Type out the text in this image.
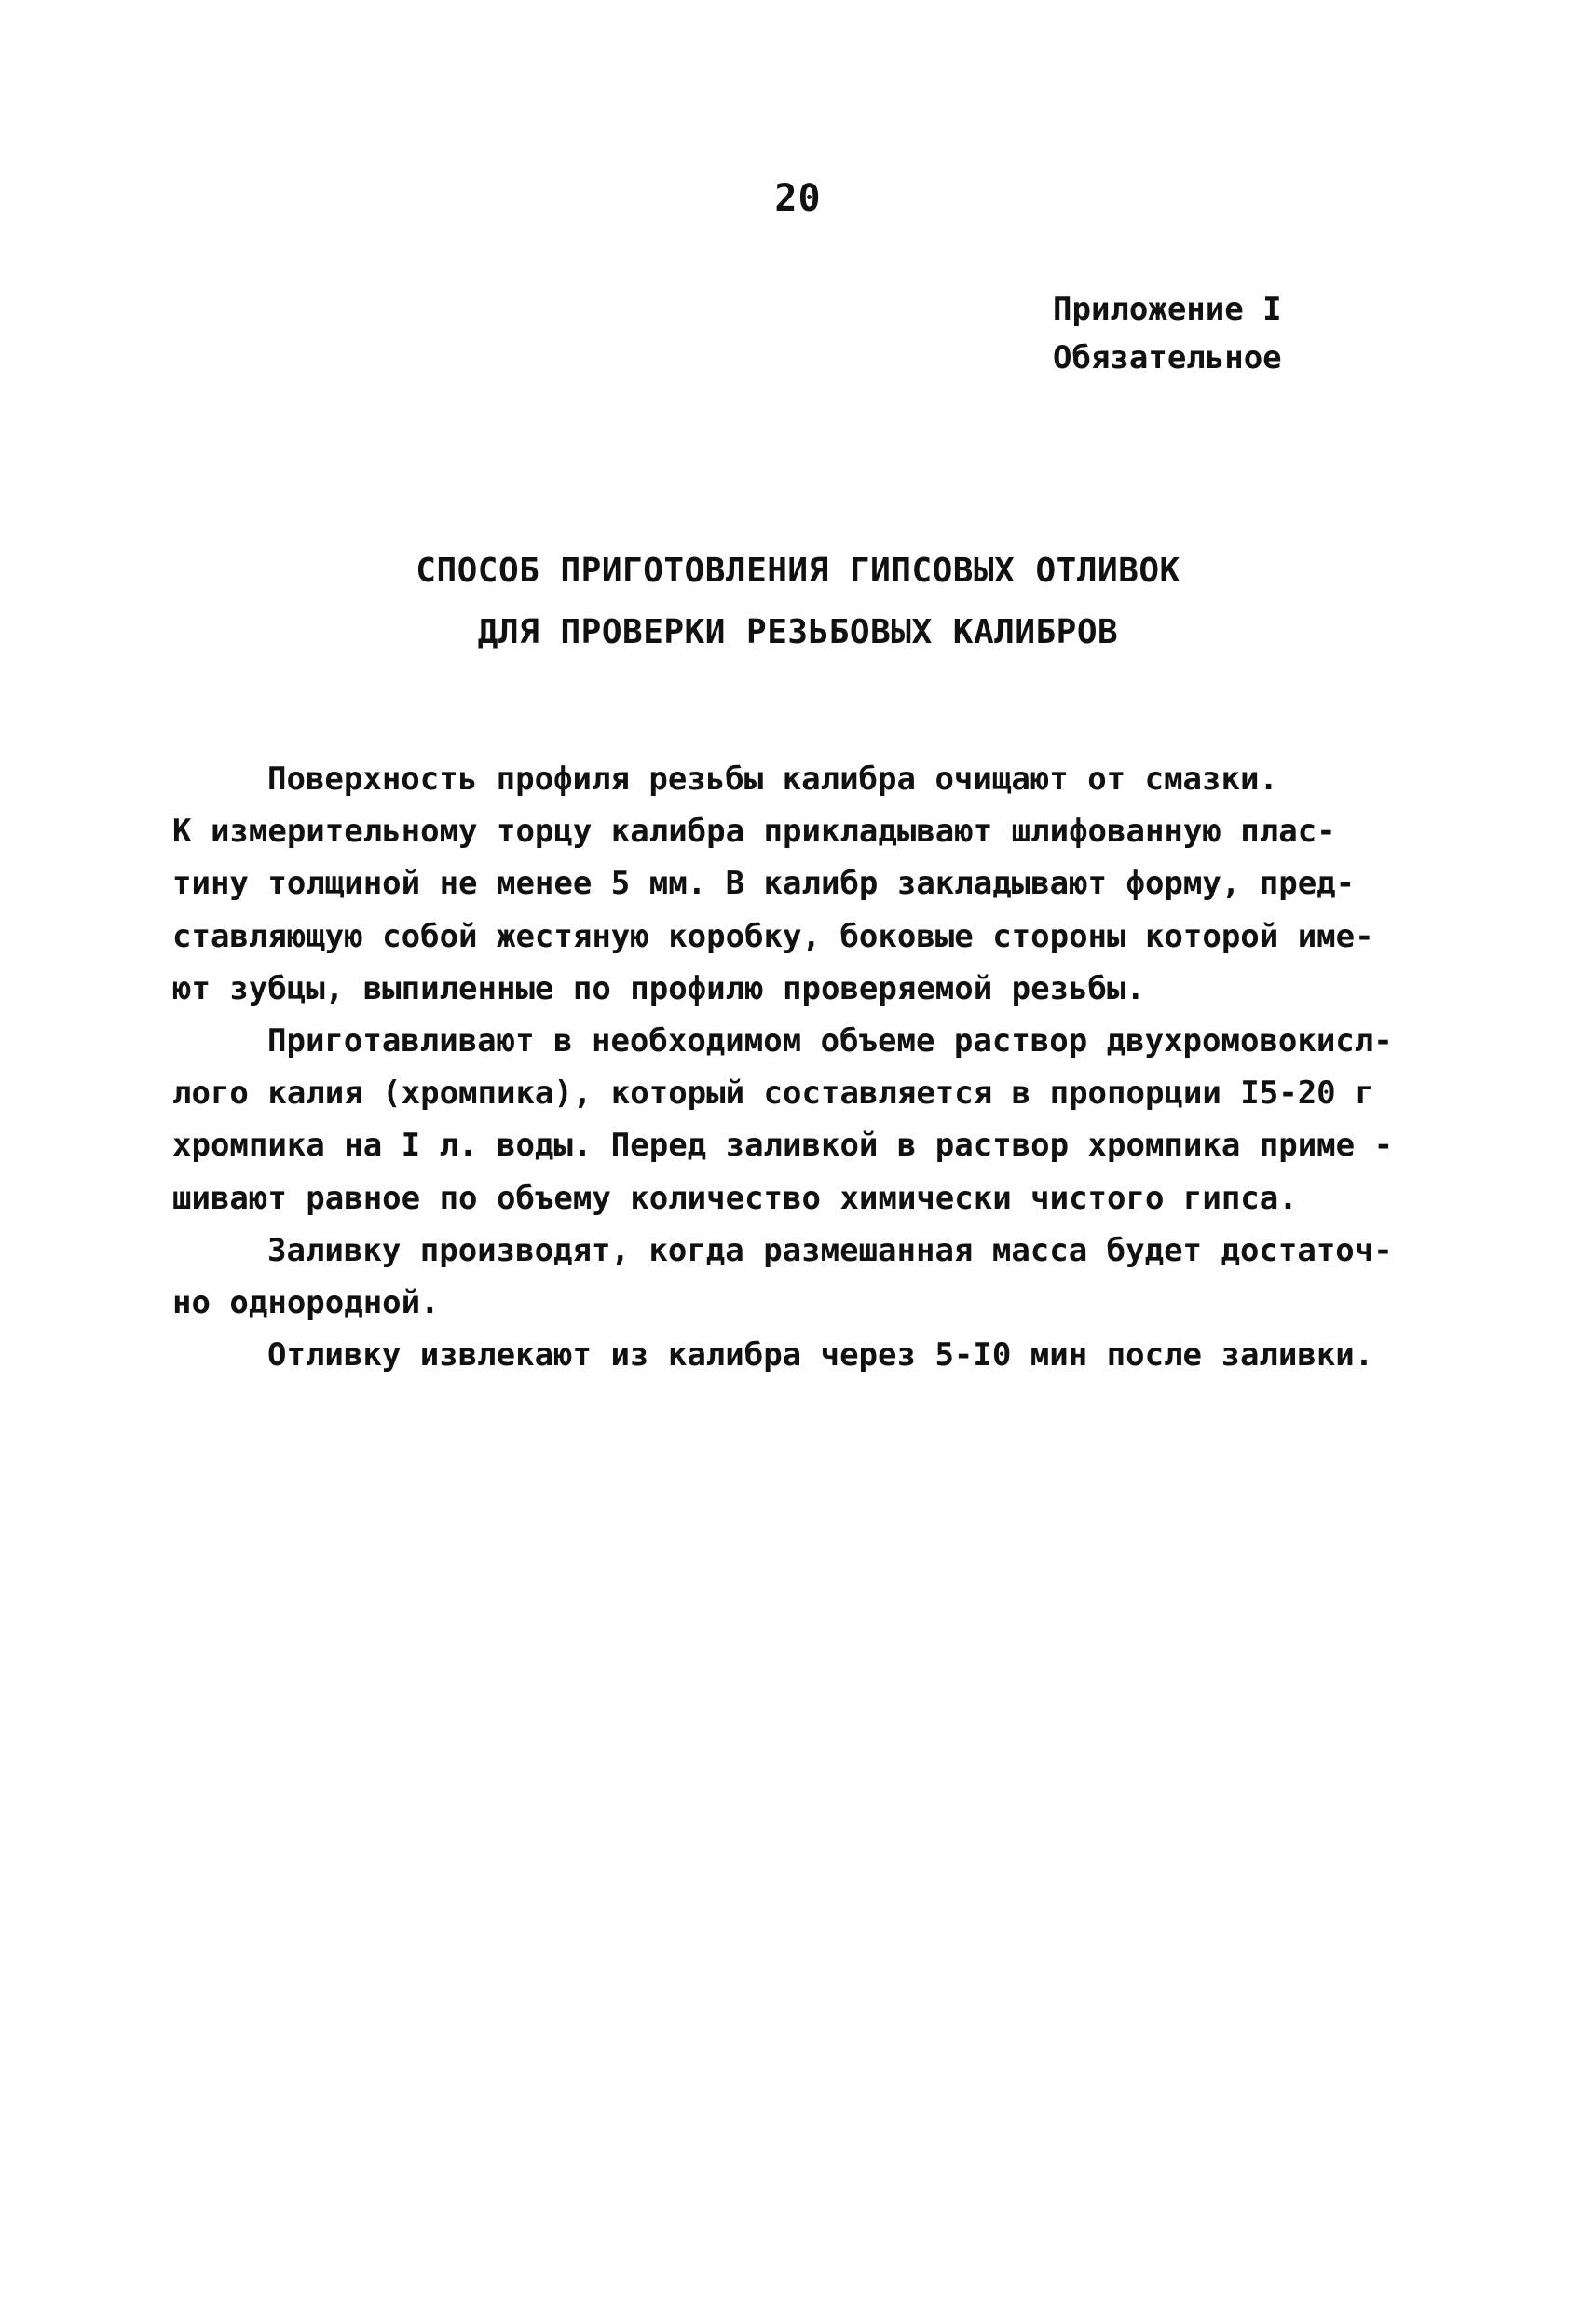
20
Приложение I
Обязательное
СПОСОБ ПРИГОТОВЛЕНИЯ ГИПСОВЫХ ОТЛИВОК
ДЛЯ ПРОВЕРКИ РЕЗЬБОВЫХ КАЛИБРОВ
Поверхность профиля резьбы калибра очищают от смазки.
К измерительному торцу калибра прикладывают шлифованную плас-
тину толщиной не менее 5 мм. В калибр закладывают форму, пред-
ставляющую собой жестяную коробку, боковые стороны которой име-
ют зубцы, выпиленные по профилю проверяемой резьбы.
Приготавливают в необходимом объеме раствор двухромовокисл-
лого калия (хромпика), который составляется в пропорции I5-20 г
хромпика на I л. воды. Перед заливкой в раствор хромпика приме -
шивают равное по объему количество химически чистого гипса.
Заливку производят, когда размешанная масса будет достаточ-
но однородной.
Отливку извлекают из калибра через 5-I0 мин после заливки.
